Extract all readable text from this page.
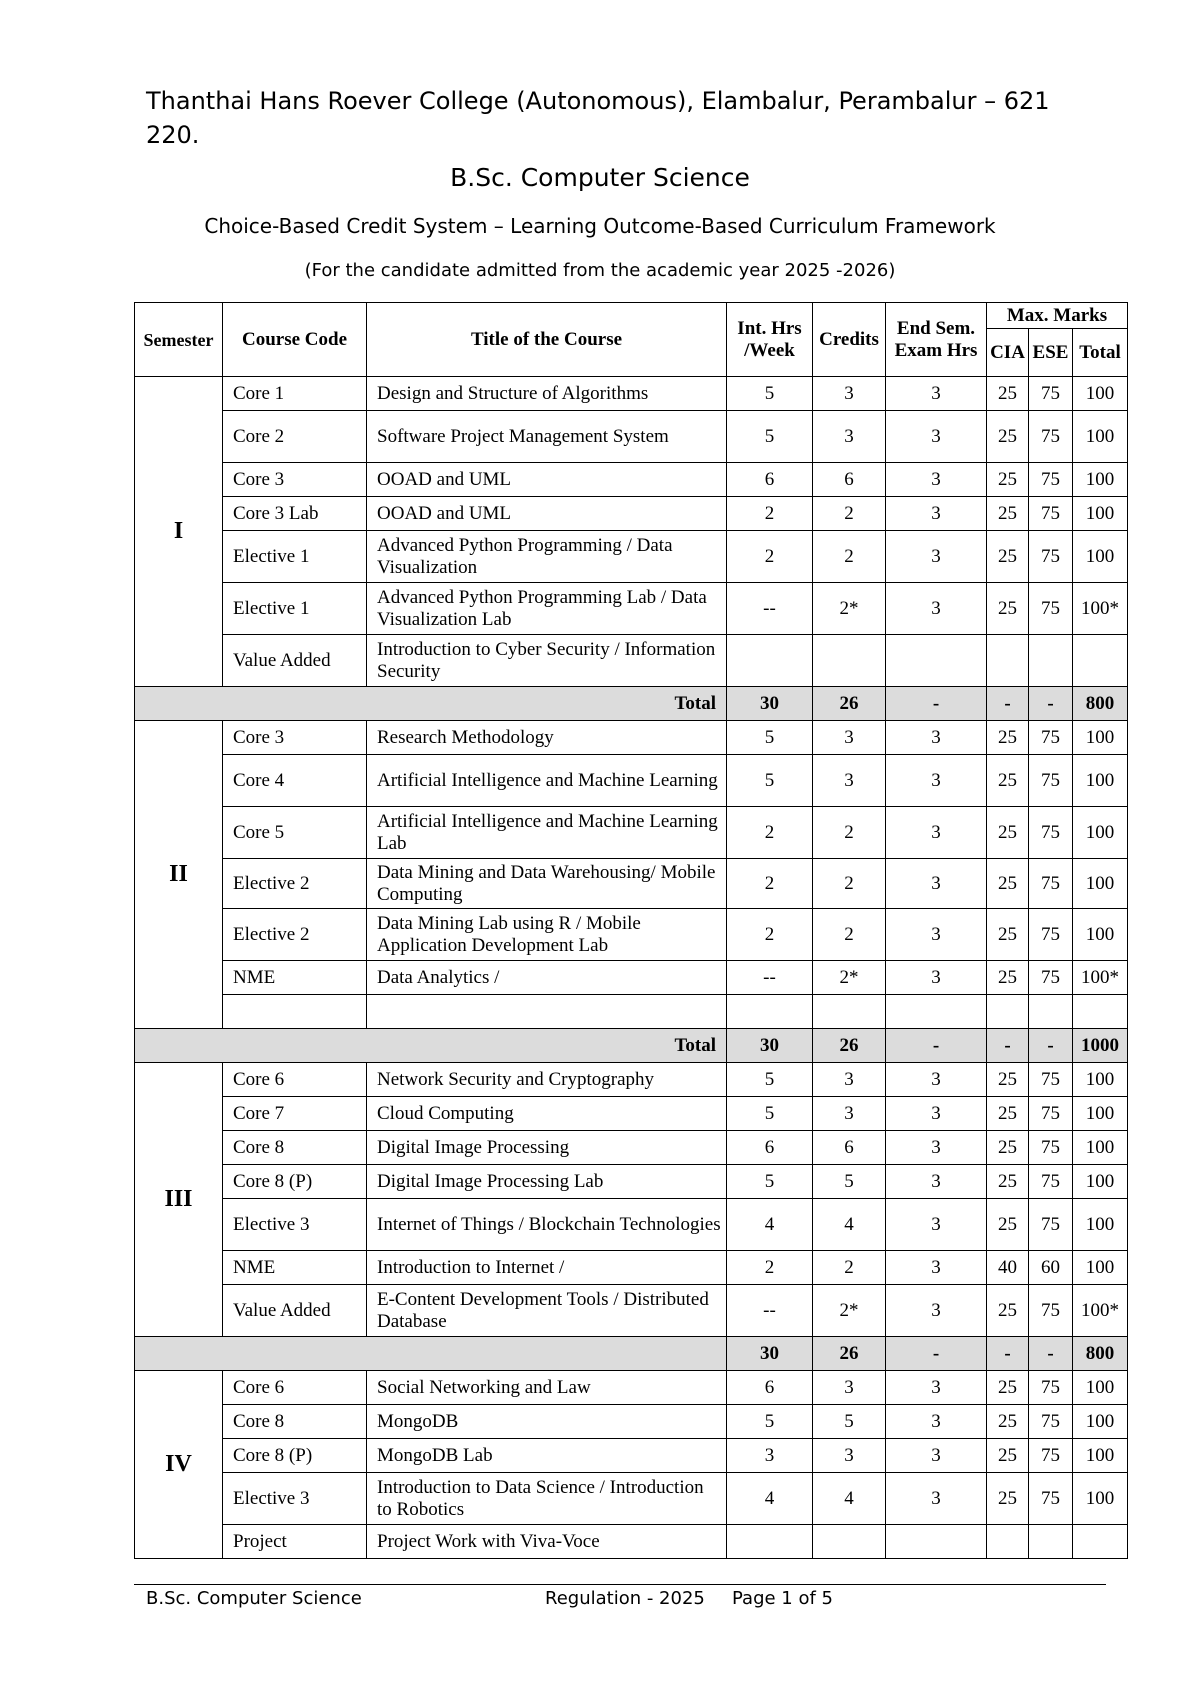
Thanthai Hans Roever College (Autonomous), Elambalur, Perambalur – 621 220.
B.Sc. Computer Science
Choice-Based Credit System – Learning Outcome-Based Curriculum Framework
(For the candidate admitted from the academic year 2025 -2026)
Semester	Course Code	Title of the Course	Int. Hrs /Week	Credits	End Sem. Exam Hrs	Max. Marks		
						CIA	ESE	Total
I	Core 1	Design and Structure of Algorithms	5	3	3	25	75	100
	Core 2	Software Project Management System	5	3	3	25	75	100
	Core 3	OOAD and UML	6	6	3	25	75	100
	Core 3 Lab	OOAD and UML	2	2	3	25	75	100
	Elective 1	Advanced Python Programming / Data Visualization	2	2	3	25	75	100
	Elective 1	Advanced Python Programming Lab / Data Visualization Lab	--	2*	3	25	75	100*
	Value Added	Introduction to Cyber Security / Information Security						
Total			30	26	-	-	-	800
II	Core 3	Research Methodology	5	3	3	25	75	100
	Core 4	Artificial Intelligence and Machine Learning	5	3	3	25	75	100
	Core 5	Artificial Intelligence and Machine Learning Lab	2	2	3	25	75	100
	Elective 2	Data Mining and Data Warehousing/ Mobile Computing	2	2	3	25	75	100
	Elective 2	Data Mining Lab using R / Mobile Application Development Lab	2	2	3	25	75	100
	NME	Data Analytics /	--	2*	3	25	75	100*

Total			30	26	-	-	-	1000
III	Core 6	Network Security and Cryptography	5	3	3	25	75	100
	Core 7	Cloud Computing	5	3	3	25	75	100
	Core 8	Digital Image Processing	6	6	3	25	75	100
	Core 8 (P)	Digital Image Processing Lab	5	5	3	25	75	100
	Elective 3	Internet of Things / Blockchain Technologies	4	4	3	25	75	100
	NME	Introduction to Internet /	2	2	3	40	60	100
	Value Added	E-Content Development Tools / Distributed Database	--	2*	3	25	75	100*
			30	26	-	-	-	800
IV	Core 6	Social Networking and Law	6	3	3	25	75	100
	Core 8	MongoDB	5	5	3	25	75	100
	Core 8 (P)	MongoDB Lab	3	3	3	25	75	100
	Elective 3	Introduction to Data Science / Introduction to Robotics	4	4	3	25	75	100
	Project	Project Work with Viva-Voce						
B.Sc. Computer Science	Regulation - 2025 Page 1 of 5
